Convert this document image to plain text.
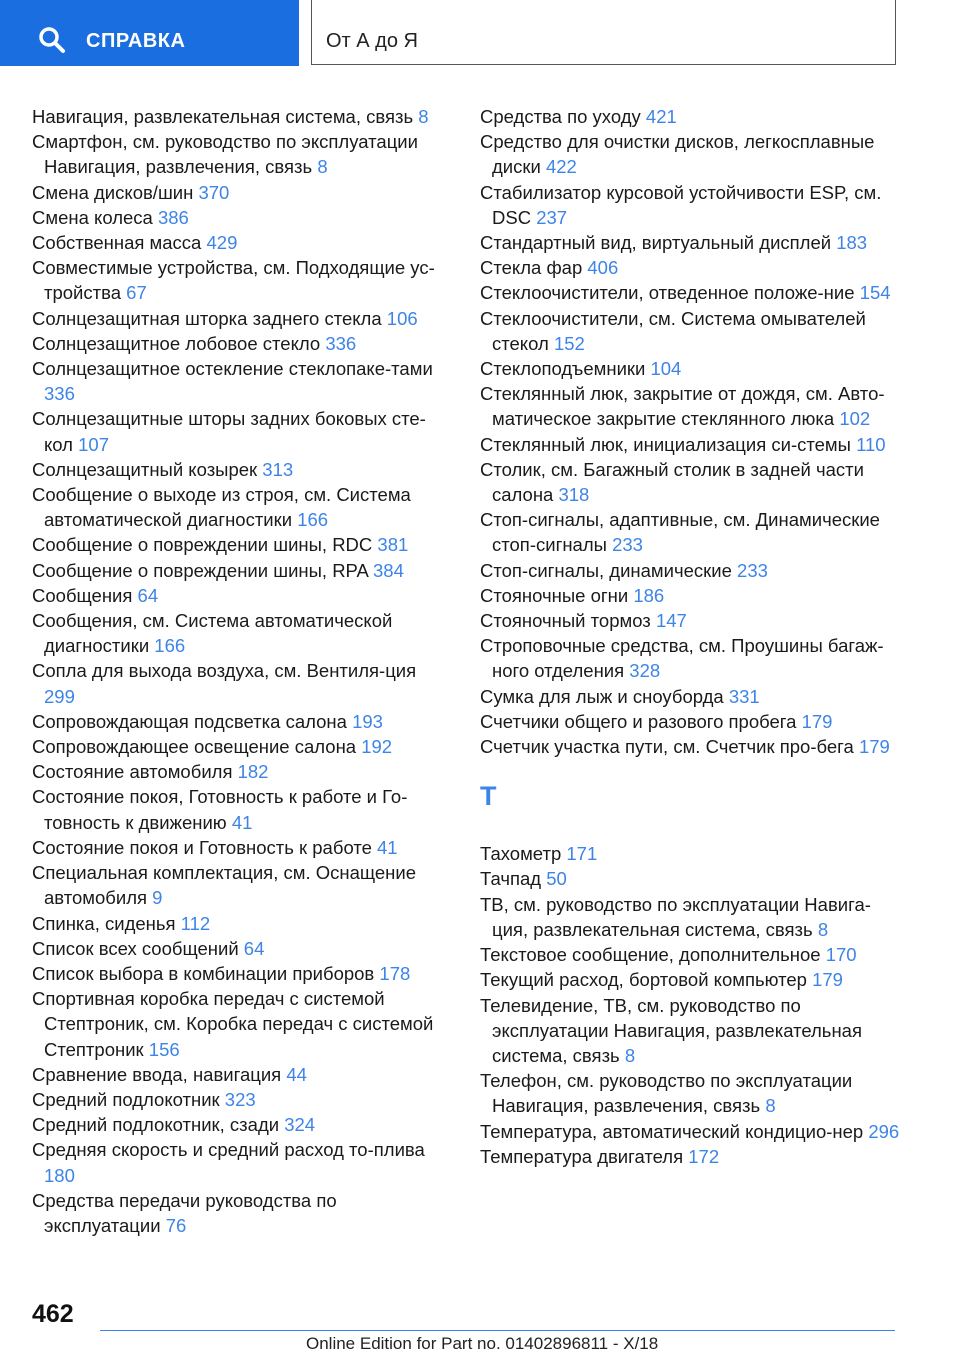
СПРАВКА	От А до Я

Навигация, развлекательная система, связь 8

Смартфон, см. руководство по эксплуатации Навигация, развлечения, связь 8

Смена дисков/шин 370

Смена колеса 386

Собственная масса 429

Совместимые устройства, см. Подходящие ус-тройства 67

Солнцезащитная шторка заднего стекла 106

Солнцезащитное лобовое стекло 336

Солнцезащитное остекление стеклопаке-тами 336

Солнцезащитные шторы задних боковых сте-кол 107

Солнцезащитный козырек 313

Сообщение о выходе из строя, см. Система автоматической диагностики 166

Сообщение о повреждении шины, RDC 381

Сообщение о повреждении шины, RPA 384

Сообщения 64

Сообщения, см. Система автоматической диагностики 166

Сопла для выхода воздуха, см. Вентиля-ция 299

Сопровождающая подсветка салона 193

Сопровождающее освещение салона 192

Состояние автомобиля 182

Состояние покоя, Готовность к работе и Го-товность к движению 41

Состояние покоя и Готовность к работе 41

Специальная комплектация, см. Оснащение автомобиля 9

Спинка, сиденья 112

Список всех сообщений 64

Список выбора в комбинации приборов 178

Спортивная коробка передач с системой Стептроник, см. Коробка передач с системой Стептроник 156

Сравнение ввода, навигация 44

Средний подлокотник 323

Средний подлокотник, сзади 324

Средняя скорость и средний расход то-плива 180

Средства передачи руководства по эксплуатации 76

Средства по уходу 421

Средство для очистки дисков, легкосплавные диски 422

Стабилизатор курсовой устойчивости ESP, см. DSC 237

Стандартный вид, виртуальный дисплей 183

Стекла фар 406

Стеклоочистители, отведенное положе-ние 154

Стеклоочистители, см. Система омывателей стекол 152

Стеклоподъемники 104

Стеклянный люк, закрытие от дождя, см. Авто-матическое закрытие стеклянного люка 102

Стеклянный люк, инициализация си-стемы 110

Столик, см. Багажный столик в задней части салона 318

Стоп-сигналы, адаптивные, см. Динамические стоп-сигналы 233

Стоп-сигналы, динамические 233

Стояночные огни 186

Стояночный тормоз 147

Строповочные средства, см. Проушины багаж-ного отделения 328

Сумка для лыж и сноуборда 331

Счетчики общего и разового пробега 179

Счетчик участка пути, см. Счетчик про-бега 179

Т

Тахометр 171

Тачпад 50

ТВ, см. руководство по эксплуатации Навига-ция, развлекательная система, связь 8

Текстовое сообщение, дополнительное 170

Текущий расход, бортовой компьютер 179

Телевидение, ТВ, см. руководство по эксплуатации Навигация, развлекательная система, связь 8

Телефон, см. руководство по эксплуатации Навигация, развлечения, связь 8

Температура, автоматический кондицио-нер 296

Температура двигателя 172

462
Online Edition for Part no. 01402896811 - X/18
